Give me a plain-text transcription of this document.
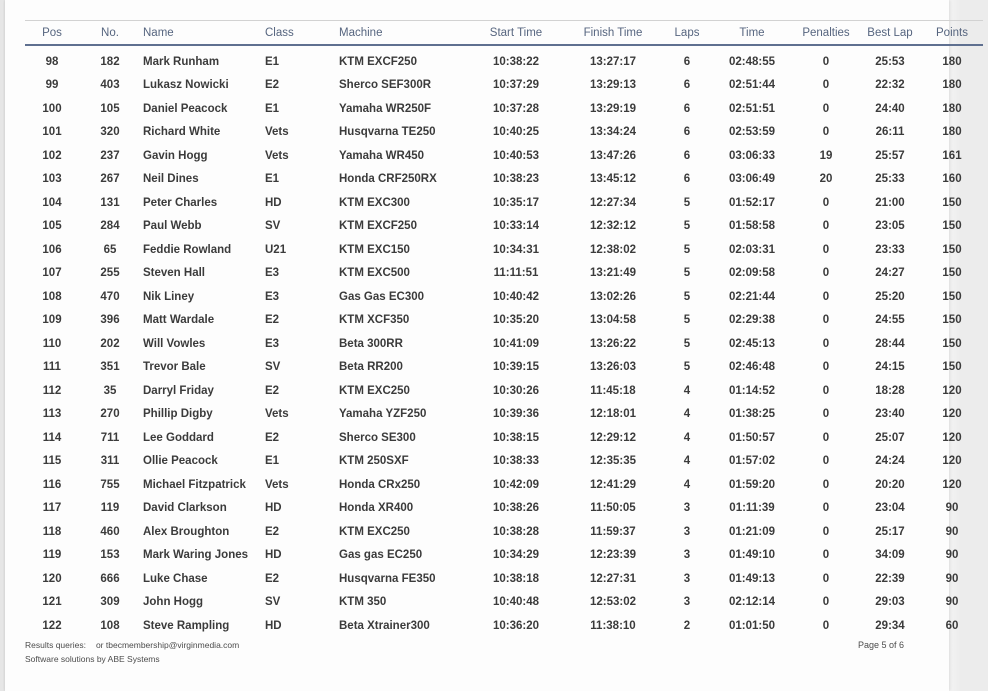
Pos	No.	Name	Class	Machine	Start Time	Finish Time	Laps	Time	Penalties	Best Lap	Points
98	182	Mark Runham	E1	KTM EXCF250	10:38:22	13:27:17	6	02:48:55	0	25:53	180
99	403	Lukasz Nowicki	E2	Sherco SEF300R	10:37:29	13:29:13	6	02:51:44	0	22:32	180
100	105	Daniel Peacock	E1	Yamaha WR250F	10:37:28	13:29:19	6	02:51:51	0	24:40	180
101	320	Richard White	Vets	Husqvarna TE250	10:40:25	13:34:24	6	02:53:59	0	26:11	180
102	237	Gavin Hogg	Vets	Yamaha WR450	10:40:53	13:47:26	6	03:06:33	19	25:57	161
103	267	Neil Dines	E1	Honda CRF250RX	10:38:23	13:45:12	6	03:06:49	20	25:33	160
104	131	Peter Charles	HD	KTM EXC300	10:35:17	12:27:34	5	01:52:17	0	21:00	150
105	284	Paul Webb	SV	KTM EXCF250	10:33:14	12:32:12	5	01:58:58	0	23:05	150
106	65	Feddie Rowland	U21	KTM EXC150	10:34:31	12:38:02	5	02:03:31	0	23:33	150
107	255	Steven Hall	E3	KTM EXC500	11:11:51	13:21:49	5	02:09:58	0	24:27	150
108	470	Nik Liney	E3	Gas Gas EC300	10:40:42	13:02:26	5	02:21:44	0	25:20	150
109	396	Matt Wardale	E2	KTM XCF350	10:35:20	13:04:58	5	02:29:38	0	24:55	150
110	202	Will Vowles	E3	Beta 300RR	10:41:09	13:26:22	5	02:45:13	0	28:44	150
111	351	Trevor Bale	SV	Beta RR200	10:39:15	13:26:03	5	02:46:48	0	24:15	150
112	35	Darryl Friday	E2	KTM EXC250	10:30:26	11:45:18	4	01:14:52	0	18:28	120
113	270	Phillip Digby	Vets	Yamaha YZF250	10:39:36	12:18:01	4	01:38:25	0	23:40	120
114	711	Lee Goddard	E2	Sherco SE300	10:38:15	12:29:12	4	01:50:57	0	25:07	120
115	311	Ollie Peacock	E1	KTM 250SXF	10:38:33	12:35:35	4	01:57:02	0	24:24	120
116	755	Michael Fitzpatrick	Vets	Honda CRx250	10:42:09	12:41:29	4	01:59:20	0	20:20	120
117	119	David Clarkson	HD	Honda XR400	10:38:26	11:50:05	3	01:11:39	0	23:04	90
118	460	Alex Broughton	E2	KTM EXC250	10:38:28	11:59:37	3	01:21:09	0	25:17	90
119	153	Mark Waring Jones	HD	Gas gas EC250	10:34:29	12:23:39	3	01:49:10	0	34:09	90
120	666	Luke Chase	E2	Husqvarna FE350	10:38:18	12:27:31	3	01:49:13	0	22:39	90
121	309	John Hogg	SV	KTM 350	10:40:48	12:53:02	3	02:12:14	0	29:03	90
122	108	Steve Rampling	HD	Beta Xtrainer300	10:36:20	11:38:10	2	01:01:50	0	29:34	60
Results queries: or tbecmembership@virginmedia.com
Software solutions by ABE Systems
Page 5 of 6
